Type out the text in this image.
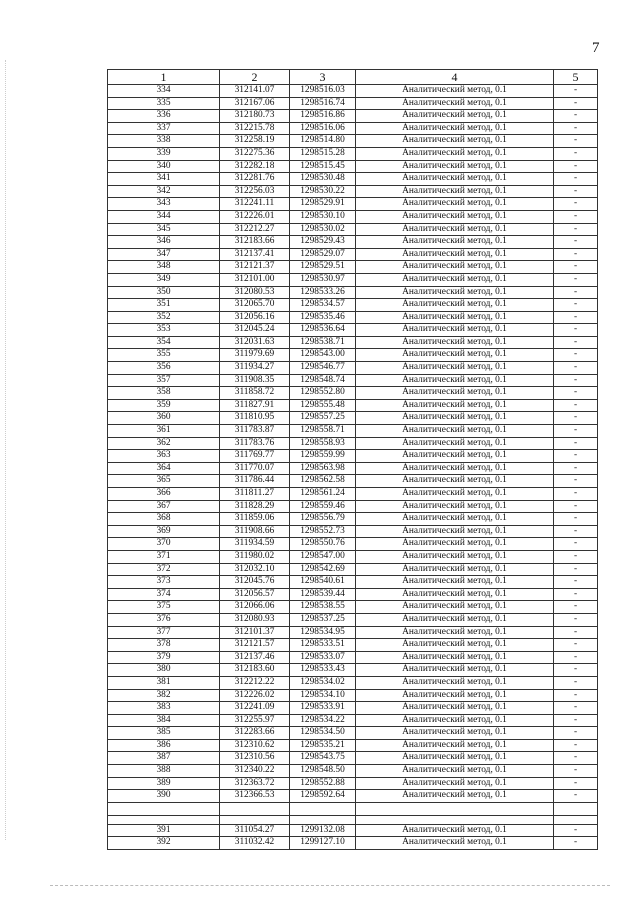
7
1	2	3	4	5
334	312141.07	1298516.03	Аналитический метод, 0.1	-
335	312167.06	1298516.74	Аналитический метод, 0.1	-
336	312180.73	1298516.86	Аналитический метод, 0.1	-
337	312215.78	1298516.06	Аналитический метод, 0.1	-
338	312258.19	1298514.80	Аналитический метод, 0.1	-
339	312275.36	1298515.28	Аналитический метод, 0.1	-
340	312282.18	1298515.45	Аналитический метод, 0.1	-
341	312281.76	1298530.48	Аналитический метод, 0.1	-
342	312256.03	1298530.22	Аналитический метод, 0.1	-
343	312241.11	1298529.91	Аналитический метод, 0.1	-
344	312226.01	1298530.10	Аналитический метод, 0.1	-
345	312212.27	1298530.02	Аналитический метод, 0.1	-
346	312183.66	1298529.43	Аналитический метод, 0.1	-
347	312137.41	1298529.07	Аналитический метод, 0.1	-
348	312121.37	1298529.51	Аналитический метод, 0.1	-
349	312101.00	1298530.97	Аналитический метод, 0.1	-
350	312080.53	1298533.26	Аналитический метод, 0.1	-
351	312065.70	1298534.57	Аналитический метод, 0.1	-
352	312056.16	1298535.46	Аналитический метод, 0.1	-
353	312045.24	1298536.64	Аналитический метод, 0.1	-
354	312031.63	1298538.71	Аналитический метод, 0.1	-
355	311979.69	1298543.00	Аналитический метод, 0.1	-
356	311934.27	1298546.77	Аналитический метод, 0.1	-
357	311908.35	1298548.74	Аналитический метод, 0.1	-
358	311858.72	1298552.80	Аналитический метод, 0.1	-
359	311827.91	1298555.48	Аналитический метод, 0.1	-
360	311810.95	1298557.25	Аналитический метод, 0.1	-
361	311783.87	1298558.71	Аналитический метод, 0.1	-
362	311783.76	1298558.93	Аналитический метод, 0.1	-
363	311769.77	1298559.99	Аналитический метод, 0.1	-
364	311770.07	1298563.98	Аналитический метод, 0.1	-
365	311786.44	1298562.58	Аналитический метод, 0.1	-
366	311811.27	1298561.24	Аналитический метод, 0.1	-
367	311828.29	1298559.46	Аналитический метод, 0.1	-
368	311859.06	1298556.79	Аналитический метод, 0.1	-
369	311908.66	1298552.73	Аналитический метод, 0.1	-
370	311934.59	1298550.76	Аналитический метод, 0.1	-
371	311980.02	1298547.00	Аналитический метод, 0.1	-
372	312032.10	1298542.69	Аналитический метод, 0.1	-
373	312045.76	1298540.61	Аналитический метод, 0.1	-
374	312056.57	1298539.44	Аналитический метод, 0.1	-
375	312066.06	1298538.55	Аналитический метод, 0.1	-
376	312080.93	1298537.25	Аналитический метод, 0.1	-
377	312101.37	1298534.95	Аналитический метод, 0.1	-
378	312121.57	1298533.51	Аналитический метод, 0.1	-
379	312137.46	1298533.07	Аналитический метод, 0.1	-
380	312183.60	1298533.43	Аналитический метод, 0.1	-
381	312212.22	1298534.02	Аналитический метод, 0.1	-
382	312226.02	1298534.10	Аналитический метод, 0.1	-
383	312241.09	1298533.91	Аналитический метод, 0.1	-
384	312255.97	1298534.22	Аналитический метод, 0.1	-
385	312283.66	1298534.50	Аналитический метод, 0.1	-
386	312310.62	1298535.21	Аналитический метод, 0.1	-
387	312310.56	1298543.75	Аналитический метод, 0.1	-
388	312340.22	1298548.50	Аналитический метод, 0.1	-
389	312363.72	1298552.88	Аналитический метод, 0.1	-
390	312366.53	1298592.64	Аналитический метод, 0.1	-

391	311054.27	1299132.08	Аналитический метод, 0.1	-
392	311032.42	1299127.10	Аналитический метод, 0.1	-
